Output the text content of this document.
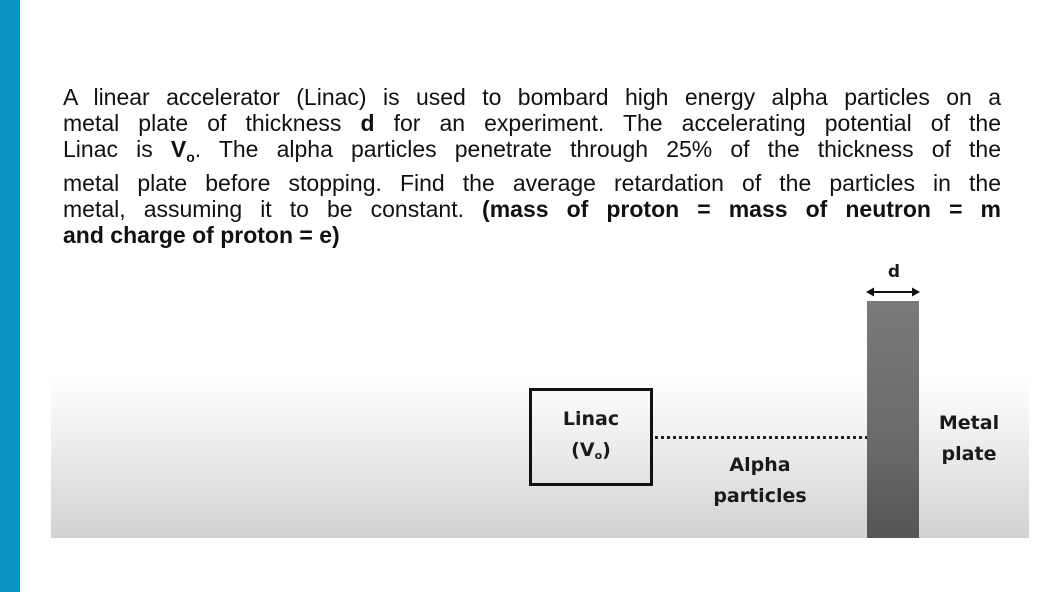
A linear accelerator (Linac) is used to bombard high energy alpha particles on a
metal plate of thickness d for an experiment. The accelerating potential of the
Linac is $V_o$. The alpha particles penetrate through 25% of the thickness of the
metal plate before stopping. Find the average retardation of the particles in the
metal, assuming it to be constant. (mass of proton = mass of neutron = m
and charge of proton = e)
Linac
(Vo)
Alpha
particles
d
Metal
plate
